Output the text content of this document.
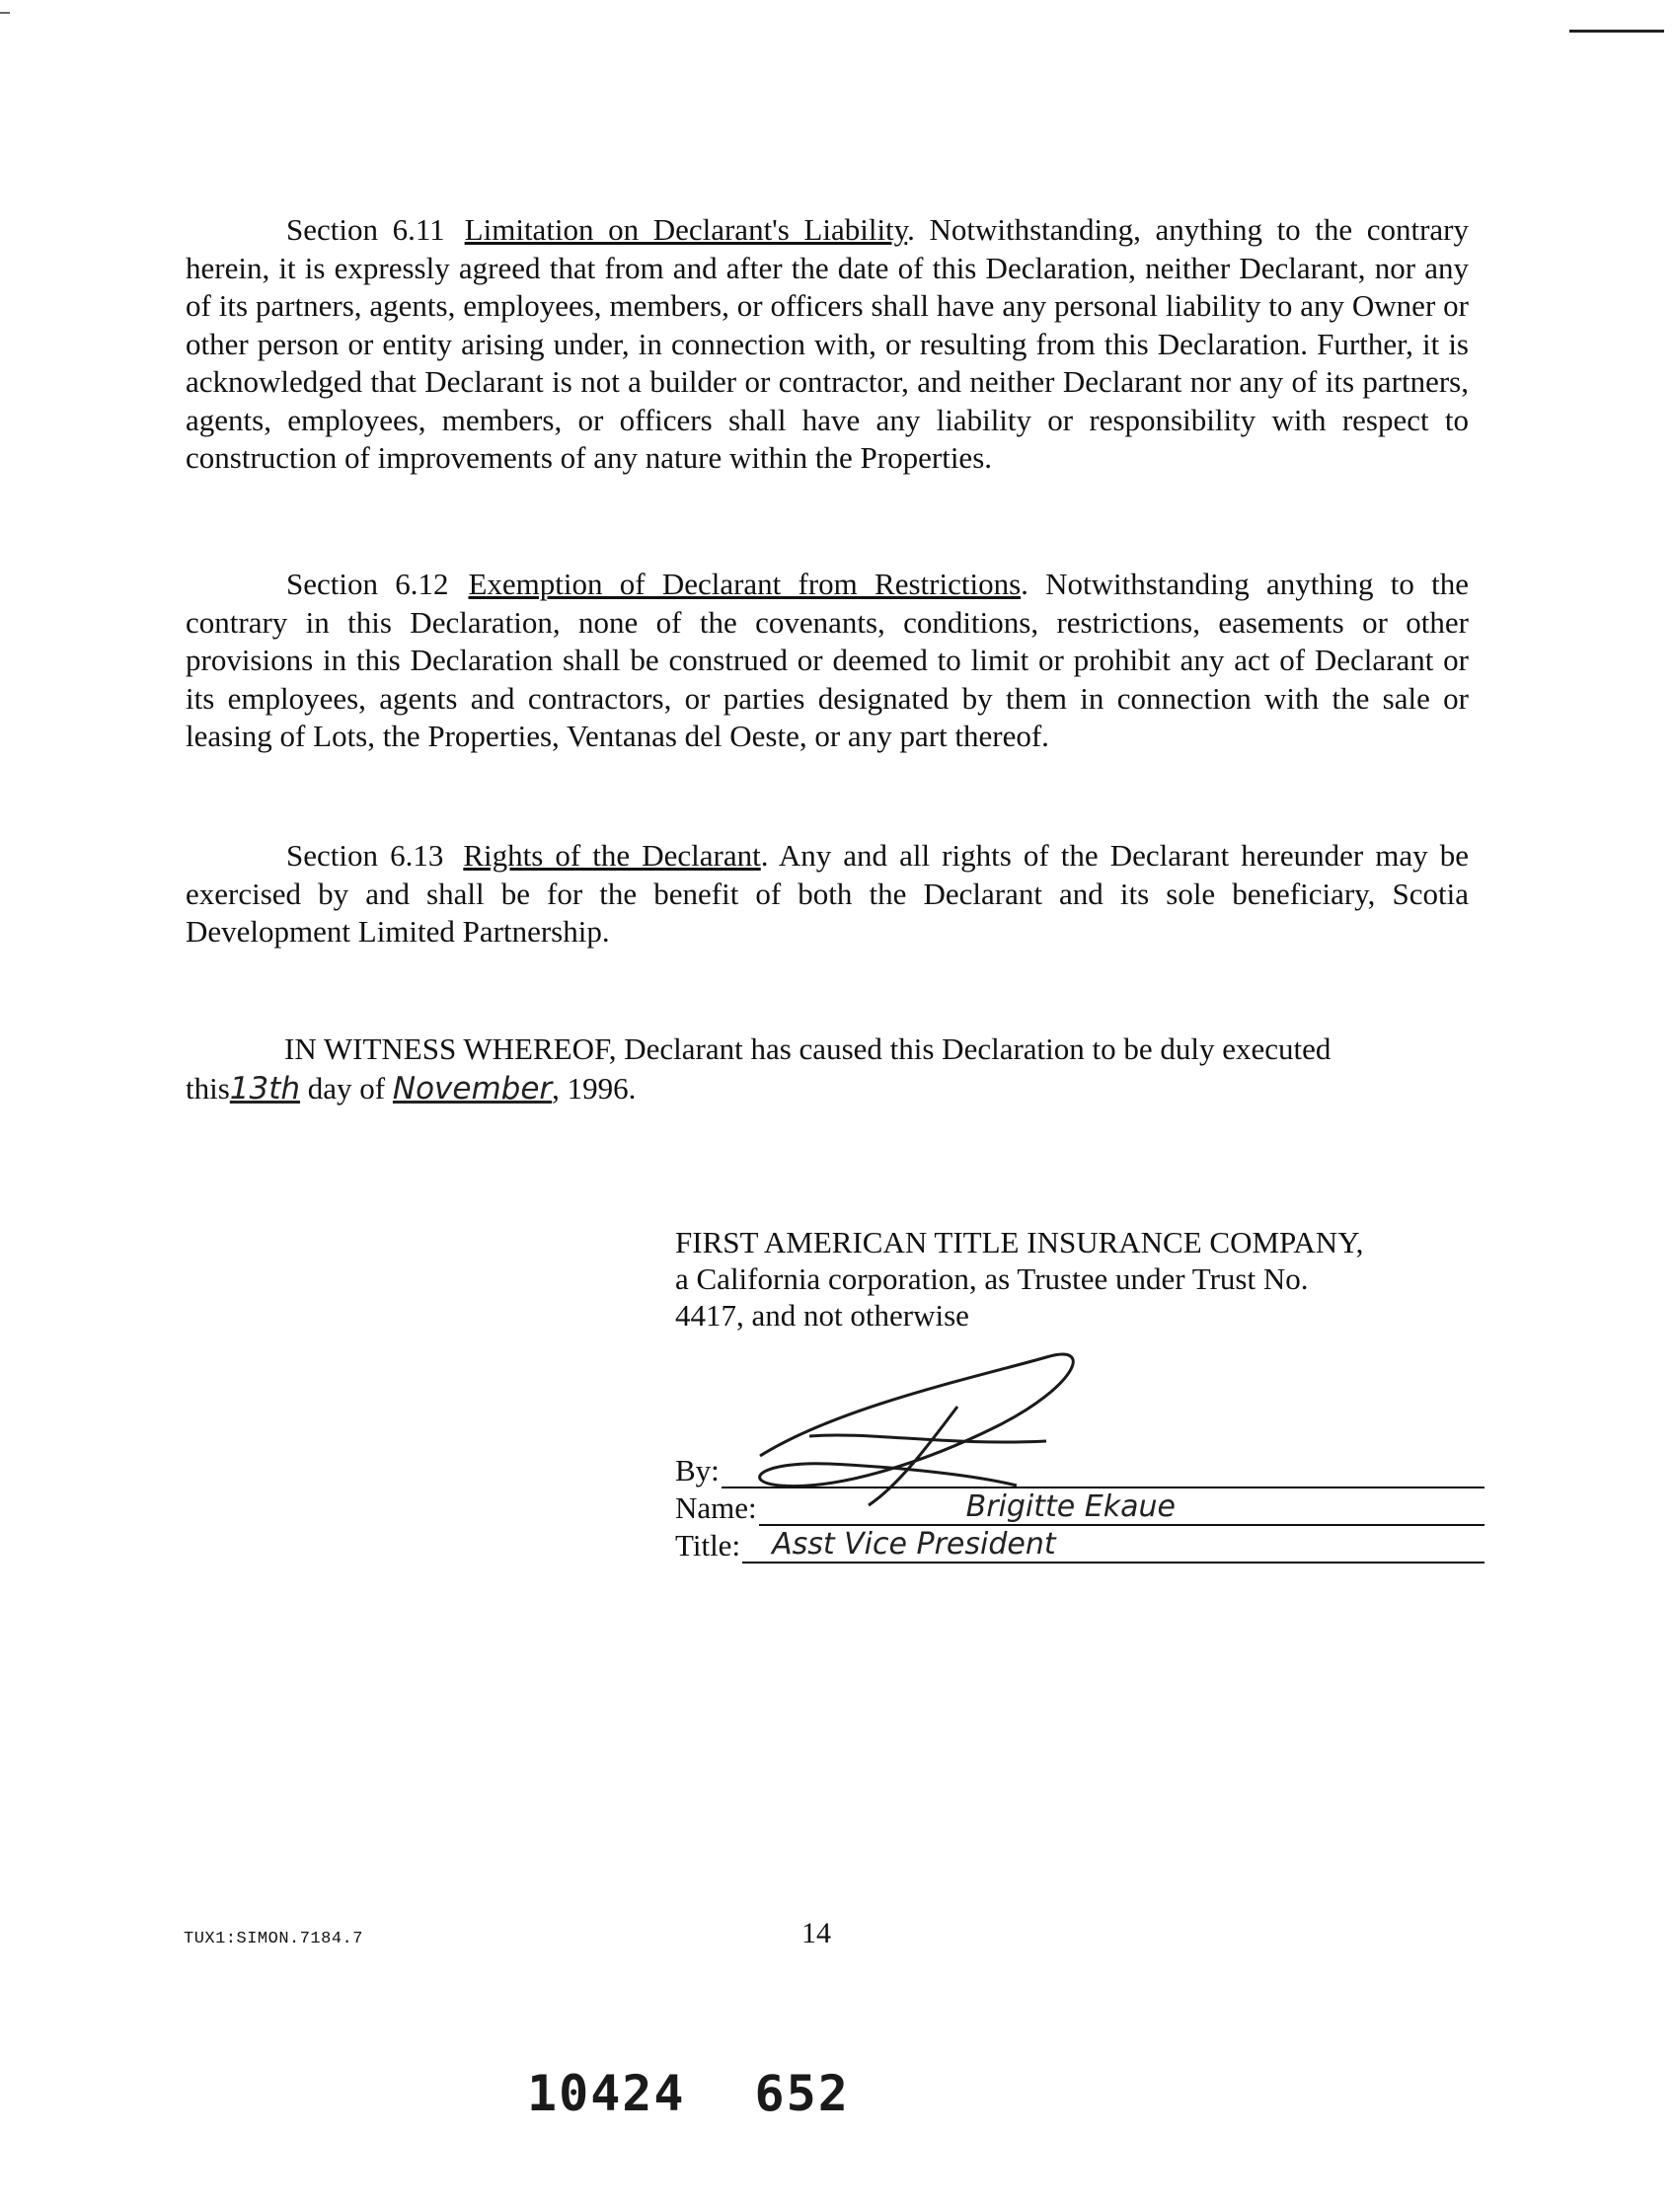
Section 6.11 Limitation on Declarant's Liability. Notwithstanding, anything to the contrary herein, it is expressly agreed that from and after the date of this Declaration, neither Declarant, nor any of its partners, agents, employees, members, or officers shall have any personal liability to any Owner or other person or entity arising under, in connection with, or resulting from this Declaration. Further, it is acknowledged that Declarant is not a builder or contractor, and neither Declarant nor any of its partners, agents, employees, members, or officers shall have any liability or responsibility with respect to construction of improvements of any nature within the Properties.

Section 6.12 Exemption of Declarant from Restrictions. Notwithstanding anything to the contrary in this Declaration, none of the covenants, conditions, restrictions, easements or other provisions in this Declaration shall be construed or deemed to limit or prohibit any act of Declarant or its employees, agents and contractors, or parties designated by them in connection with the sale or leasing of Lots, the Properties, Ventanas del Oeste, or any part thereof.

Section 6.13 Rights of the Declarant. Any and all rights of the Declarant hereunder may be exercised by and shall be for the benefit of both the Declarant and its sole beneficiary, Scotia Development Limited Partnership.

IN WITNESS WHEREOF, Declarant has caused this Declaration to be duly executed
this13th day of November, 1996.
FIRST AMERICAN TITLE INSURANCE COMPANY,
a California corporation, as Trustee under Trust No.
4417, and not otherwise
By:
Name:	Brigitte Ekaue
Title: Asst Vice President
TUX1:SIMON.7184.7	14
10424 652
